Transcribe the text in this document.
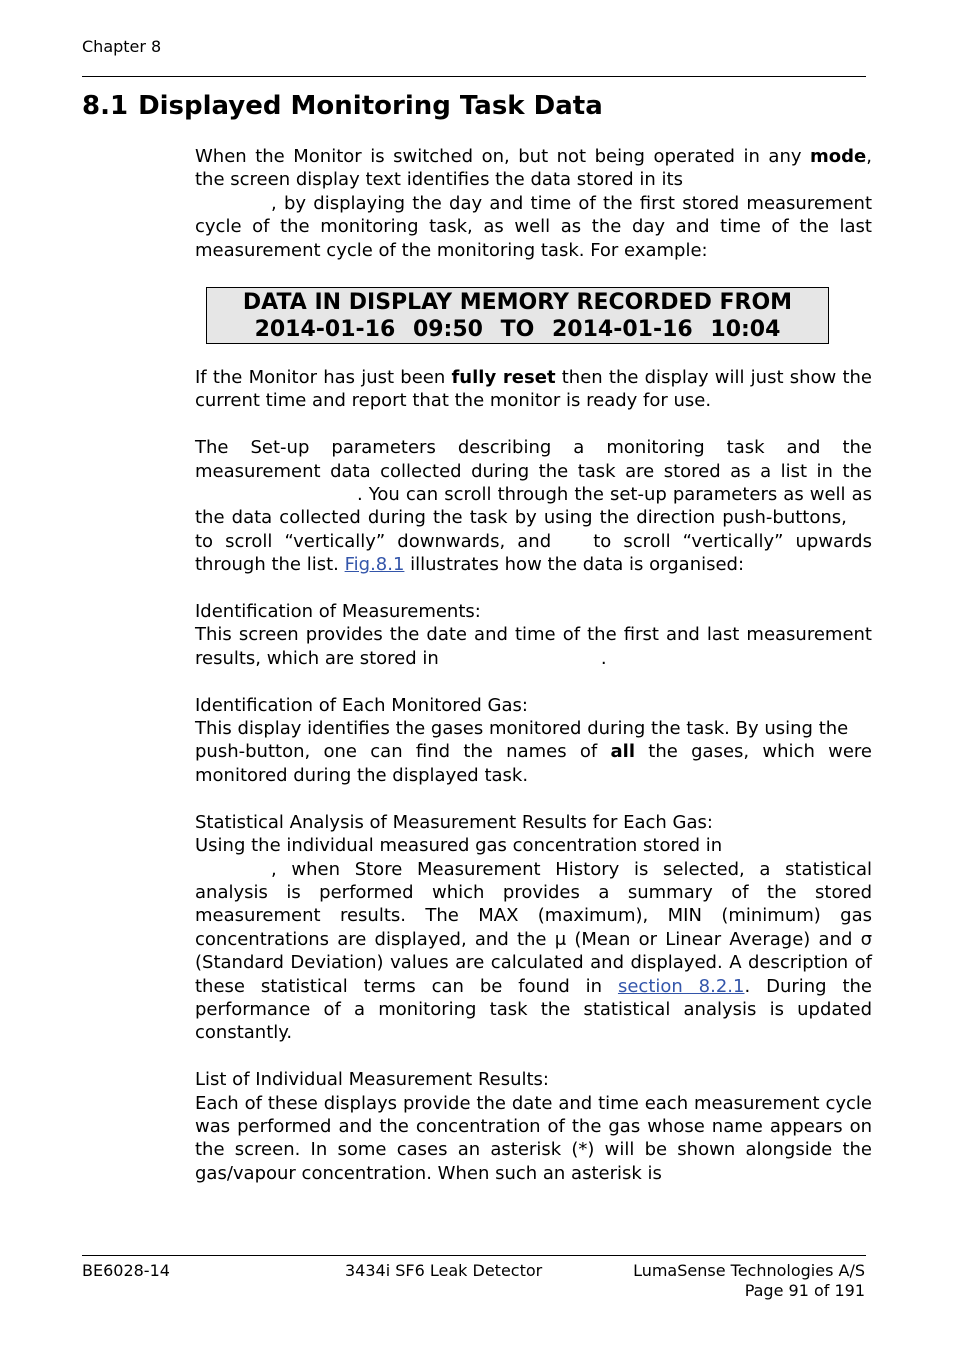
Chapter 8
8.1 Displayed Monitoring Task Data

When the Monitor is switched on, but not being operated in any mode, the screen display text identifies the data stored in its
, by displaying the day and time of the first stored measurement cycle of the monitoring task, as well as the day and time of the last measurement cycle of the monitoring task. For example:

DATA IN DISPLAY MEMORY RECORDED FROM
2014-01-16 09:50 TO 2014-01-16 10:04

If the Monitor has just been fully reset then the display will just show the current time and report that the monitor is ready for use.

The Set-up parameters describing a monitoring task and the measurement data collected during the task are stored as a list in the. You can scroll through the set-up parameters as well as the data collected during the task by using the direction push-buttons,  to scroll “vertically” downwards, and to scroll “vertically” upwards through the list. Fig.8.1 illustrates how the data is organised:

Identification of Measurements:

This screen provides the date and time of the first and last measurement results, which are stored in	.

Identification of Each Monitored Gas:

This display identifies the gases monitored during the task. By using the  push-button, one can find the names of all the gases, which were monitored during the displayed task.

Statistical Analysis of Measurement Results for Each Gas:

Using the individual measured gas concentration stored in
, when Store Measurement History is selected, a statistical analysis is performed which provides a summary of the stored measurement results. The MAX (maximum), MIN (minimum) gas concentrations are displayed, and the μ (Mean or Linear Average) and σ (Standard Deviation) values are calculated and displayed. A description of these statistical terms can be found in section 8.2.1. During the performance of a monitoring task the statistical analysis is updated constantly.

List of Individual Measurement Results:

Each of these displays provide the date and time each measurement cycle was performed and the concentration of the gas whose name appears on the screen. In some cases an asterisk (*) will be shown alongside the gas/vapour concentration. When such an asterisk is

BE6028-14	3434i SF6 Leak Detector	LumaSense Technologies A/S
Page 91 of 191
